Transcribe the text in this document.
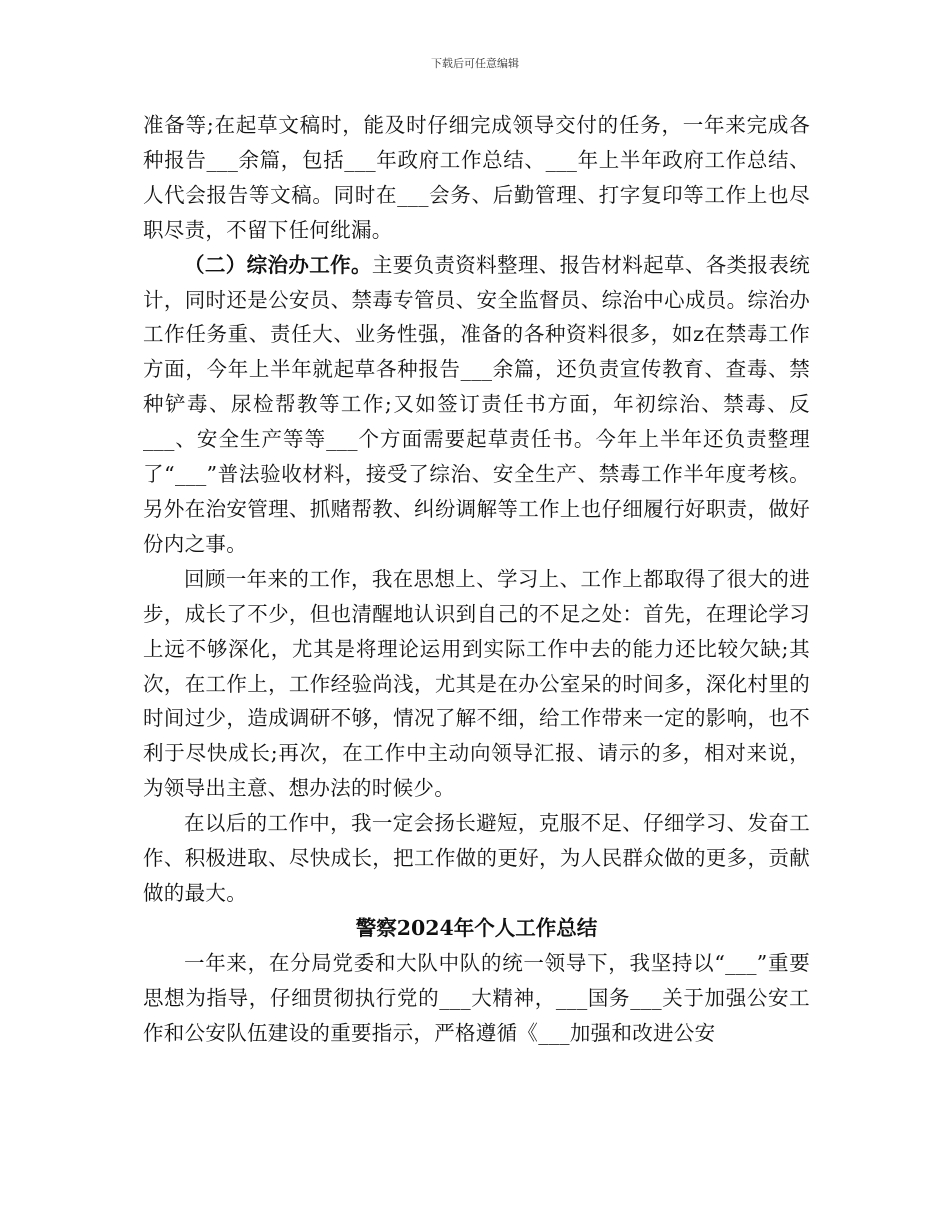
下载后可任意编辑

准备等;在起草文稿时，能及时仔细完成领导交付的任务，一年来完成各种报告___余篇，包括___年政府工作总结、___年上半年政府工作总结、人代会报告等文稿。同时在___会务、后勤管理、打字复印等工作上也尽职尽责，不留下任何纰漏。

（二）综治办工作。主要负责资料整理、报告材料起草、各类报表统计，同时还是公安员、禁毒专管员、安全监督员、综治中心成员。综治办工作任务重、责任大、业务性强，准备的各种资料很多，如z在禁毒工作方面，今年上半年就起草各种报告___余篇，还负责宣传教育、查毒、禁种铲毒、尿检帮教等工作;又如签订责任书方面，年初综治、禁毒、反___、安全生产等等___个方面需要起草责任书。今年上半年还负责整理了“___”普法验收材料，接受了综治、安全生产、禁毒工作半年度考核。另外在治安管理、抓赌帮教、纠纷调解等工作上也仔细履行好职责，做好份内之事。

回顾一年来的工作，我在思想上、学习上、工作上都取得了很大的进步，成长了不少，但也清醒地认识到自己的不足之处：首先，在理论学习上远不够深化，尤其是将理论运用到实际工作中去的能力还比较欠缺;其次，在工作上，工作经验尚浅，尤其是在办公室呆的时间多，深化村里的时间过少，造成调研不够，情况了解不细，给工作带来一定的影响，也不利于尽快成长;再次，在工作中主动向领导汇报、请示的多，相对来说，为领导出主意、想办法的时候少。

在以后的工作中，我一定会扬长避短，克服不足、仔细学习、发奋工作、积极进取、尽快成长，把工作做的更好，为人民群众做的更多，贡献做的最大。

警察2024年个人工作总结

一年来，在分局党委和大队中队的统一领导下，我坚持以“___”重要思想为指导，仔细贯彻执行党的___大精神，___国务___关于加强公安工作和公安队伍建设的重要指示，严格遵循《___加强和改进公安
